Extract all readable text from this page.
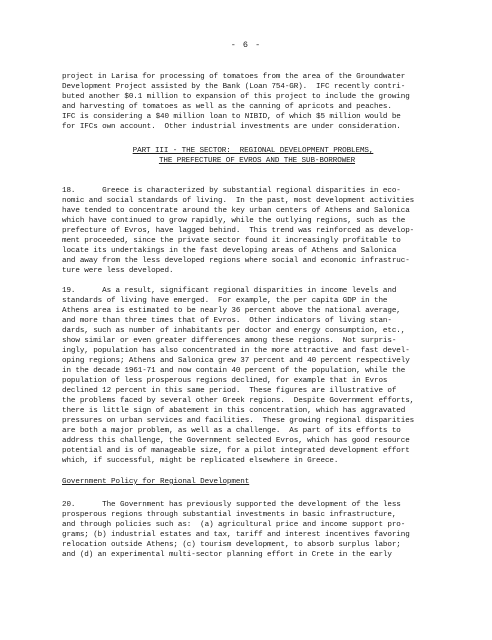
- 6 -
project in Larisa for processing of tomatoes from the area of the Groundwater
Development Project assisted by the Bank (Loan 754-GR).  IFC recently contri-
buted another $0.1 million to expansion of this project to include the growing
and harvesting of tomatoes as well as the canning of apricots and peaches.
IFC is considering a $40 million loan to NIBID, of which $5 million would be
for IFCs own account.  Other industrial investments are under consideration.
PART III - THE SECTOR:  REGIONAL DEVELOPMENT PROBLEMS,
THE PREFECTURE OF EVROS AND THE SUB-BORROWER
18.      Greece is characterized by substantial regional disparities in eco-
nomic and social standards of living.  In the past, most development activities
have tended to concentrate around the key urban centers of Athens and Salonica
which have continued to grow rapidly, while the outlying regions, such as the
prefecture of Evros, have lagged behind.  This trend was reinforced as develop-
ment proceeded, since the private sector found it increasingly profitable to
locate its undertakings in the fast developing areas of Athens and Salonica
and away from the less developed regions where social and economic infrastruc-
ture were less developed.
19.      As a result, significant regional disparities in income levels and
standards of living have emerged.  For example, the per capita GDP in the
Athens area is estimated to be nearly 36 percent above the national average,
and more than three times that of Evros.  Other indicators of living stan-
dards, such as number of inhabitants per doctor and energy consumption, etc.,
show similar or even greater differences among these regions.  Not surpris-
ingly, population has also concentrated in the more attractive and fast devel-
oping regions; Athens and Salonica grew 37 percent and 40 percent respectively
in the decade 1961-71 and now contain 40 percent of the population, while the
population of less prosperous regions declined, for example that in Evros
declined 12 percent in this same period.  These figures are illustrative of
the problems faced by several other Greek regions.  Despite Government efforts,
there is little sign of abatement in this concentration, which has aggravated
pressures on urban services and facilities.  These growing regional disparities
are both a major problem, as well as a challenge.  As part of its efforts to
address this challenge, the Government selected Evros, which has good resource
potential and is of manageable size, for a pilot integrated development effort
which, if successful, might be replicated elsewhere in Greece.
Government Policy for Regional Development
20.      The Government has previously supported the development of the less
prosperous regions through substantial investments in basic infrastructure,
and through policies such as:  (a) agricultural price and income support pro-
grams; (b) industrial estates and tax, tariff and interest incentives favoring
relocation outside Athens; (c) tourism development, to absorb surplus labor;
and (d) an experimental multi-sector planning effort in Crete in the early
